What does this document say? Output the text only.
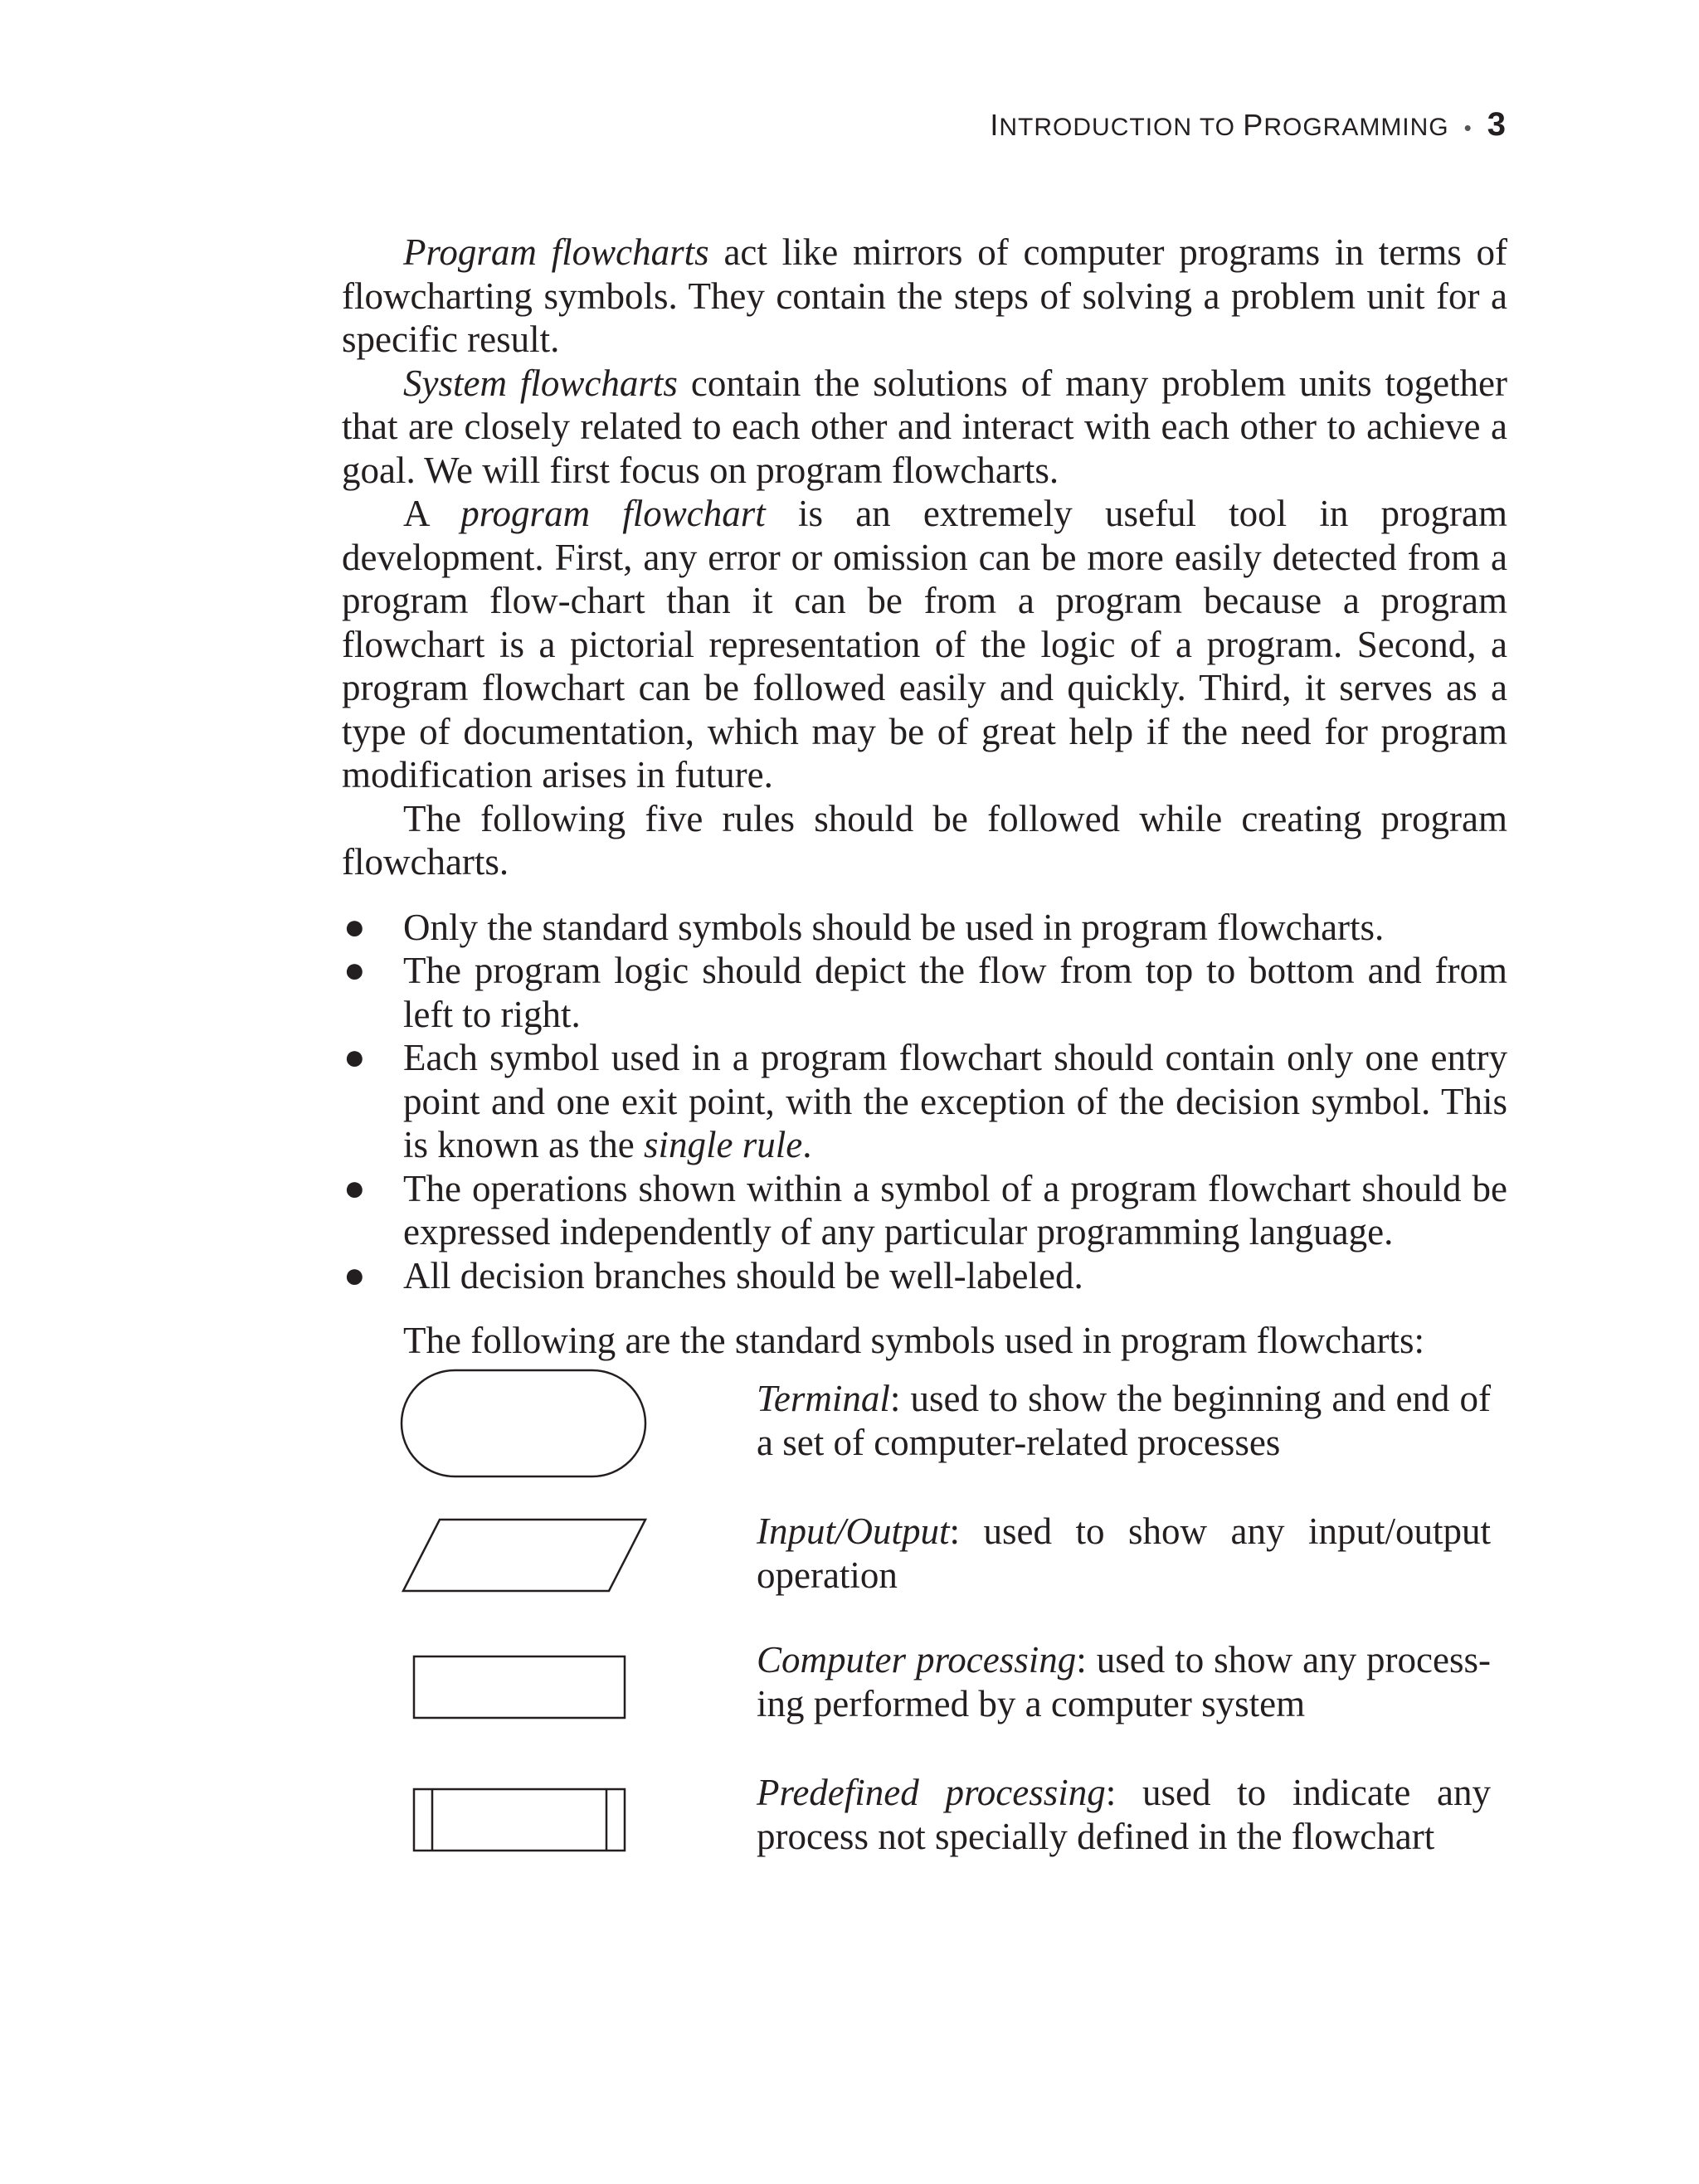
INTRODUCTION TO PROGRAMMING • 3

Program flowcharts act like mirrors of computer programs in terms of flowcharting symbols. They contain the steps of solving a problem unit for a specific result.

System flowcharts contain the solutions of many problem units together that are closely related to each other and interact with each other to achieve a goal. We will first focus on program flowcharts.

A program flowchart is an extremely useful tool in program development. First, any error or omission can be more easily detected from a program flow-chart than it can be from a program because a program flowchart is a pictorial representation of the logic of a program. Second, a program flowchart can be followed easily and quickly. Third, it serves as a type of documentation, which may be of great help if the need for program modification arises in future.

The following five rules should be followed while creating program flowcharts.

● Only the standard symbols should be used in program flowcharts.
● The program logic should depict the flow from top to bottom and from left to right.
● Each symbol used in a program flowchart should contain only one entry point and one exit point, with the exception of the decision symbol. This is known as the single rule.
● The operations shown within a symbol of a program flowchart should be expressed independently of any particular programming language.
● All decision branches should be well-labeled.

The following are the standard symbols used in program flowcharts:

Terminal: used to show the beginning and end of a set of computer-related processes
Input/Output: used to show any input/output operation
Computer processing: used to show any process-ing performed by a computer system
Predefined processing: used to indicate any process not specially defined in the flowchart
